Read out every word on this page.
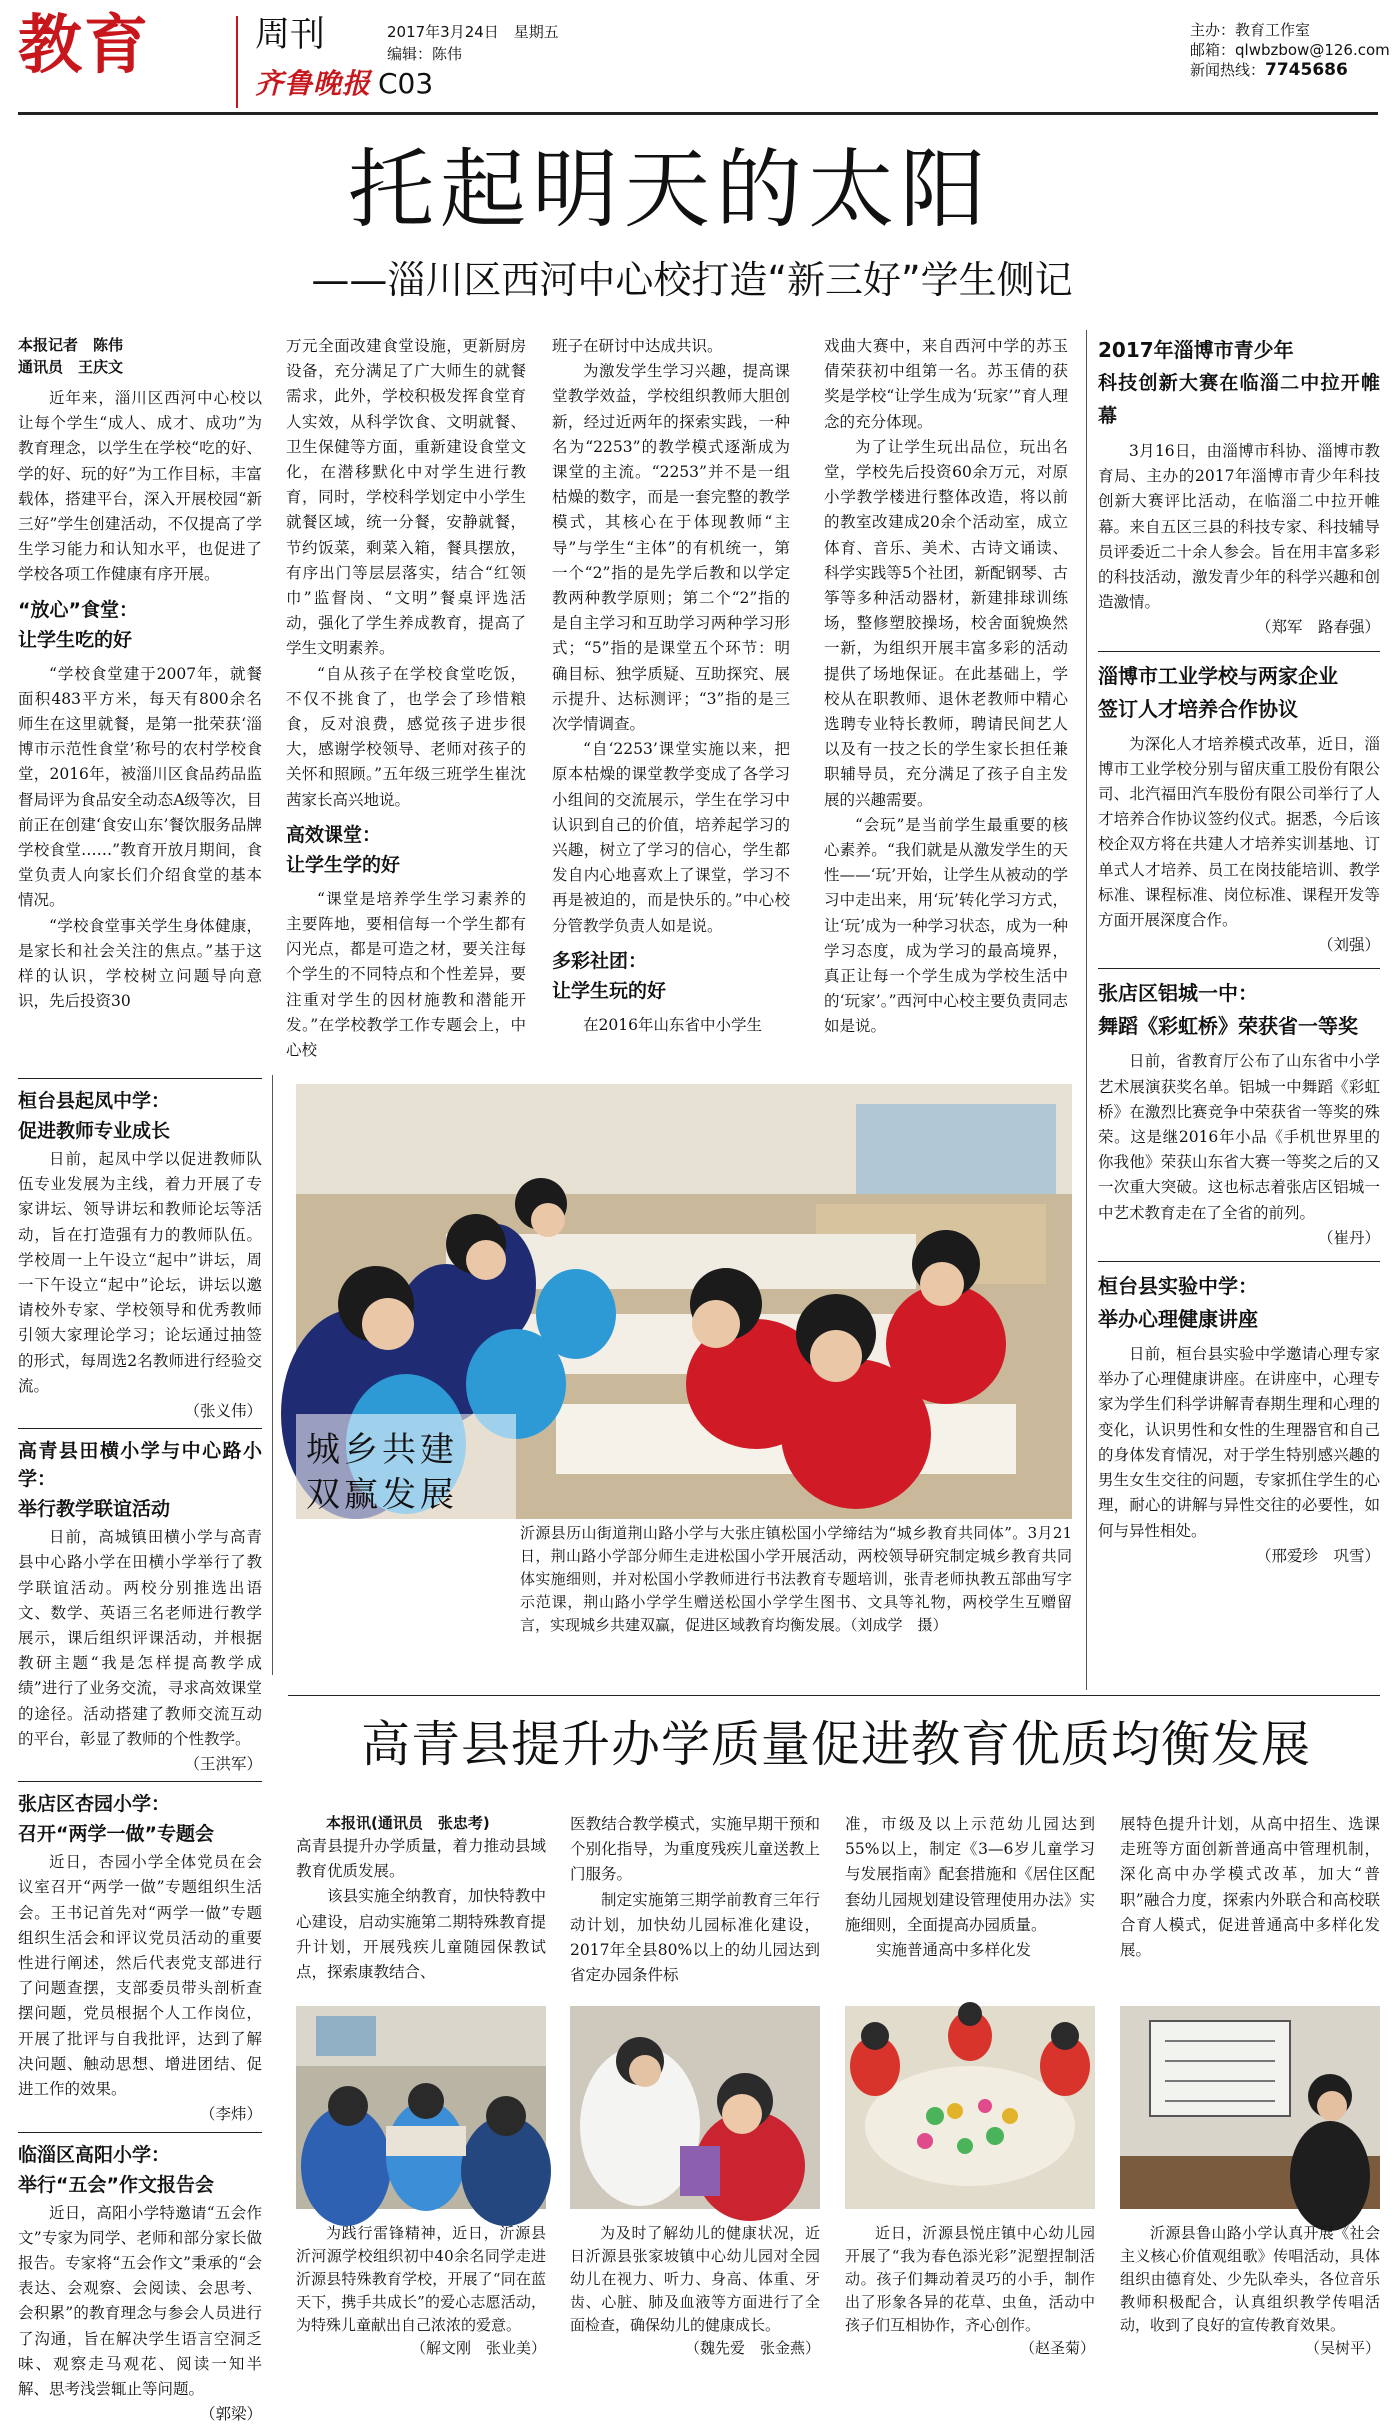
教育	周刊
齐鲁晚报 C03
2017年3月24日　星期五
编辑：陈伟
主办：教育工作室
邮箱：qlwbzbow@126.com
新闻热线：7745686
托起明天的太阳
——淄川区西河中心校打造“新三好”学生侧记
本报记者　陈伟
通讯员　王庆文

近年来，淄川区西河中心校以让每个学生“成人、成才、成功”为教育理念，以学生在学校“吃的好、学的好、玩的好”为工作目标，丰富载体，搭建平台，深入开展校园“新三好”学生创建活动，不仅提高了学生学习能力和认知水平，也促进了学校各项工作健康有序开展。

“放心”食堂：
让学生吃的好

“学校食堂建于2007年，就餐面积483平方米，每天有800余名师生在这里就餐，是第一批荣获‘淄博市示范性食堂’称号的农村学校食堂，2016年，被淄川区食品药品监督局评为食品安全动态A级等次，目前正在创建‘食安山东’餐饮服务品牌学校食堂……”教育开放月期间，食堂负责人向家长们介绍食堂的基本情况。

“学校食堂事关学生身体健康，是家长和社会关注的焦点。”基于这样的认识，学校树立问题导向意识，先后投资30

万元全面改建食堂设施，更新厨房设备，充分满足了广大师生的就餐需求，此外，学校积极发挥食堂育人实效，从科学饮食、文明就餐、卫生保健等方面，重新建设食堂文化，在潜移默化中对学生进行教育，同时，学校科学划定中小学生就餐区域，统一分餐，安静就餐，节约饭菜，剩菜入箱，餐具摆放，有序出门等层层落实，结合“红领巾”监督岗、“文明”餐桌评选活动，强化了学生养成教育，提高了学生文明素养。

“自从孩子在学校食堂吃饭，不仅不挑食了，也学会了珍惜粮食，反对浪费，感觉孩子进步很大，感谢学校领导、老师对孩子的关怀和照顾。”五年级三班学生崔沈茜家长高兴地说。

高效课堂：
让学生学的好

“课堂是培养学生学习素养的主要阵地，要相信每一个学生都有闪光点，都是可造之材，要关注每个学生的不同特点和个性差异，要注重对学生的因材施教和潜能开发。”在学校教学工作专题会上，中心校

班子在研讨中达成共识。

为激发学生学习兴趣，提高课堂教学效益，学校组织教师大胆创新，经过近两年的探索实践，一种名为“2253”的教学模式逐渐成为课堂的主流。“2253”并不是一组枯燥的数字，而是一套完整的教学模式，其核心在于体现教师“主导”与学生“主体”的有机统一，第一个“2”指的是先学后教和以学定教两种教学原则；第二个“2”指的是自主学习和互助学习两种学习形式；“5”指的是课堂五个环节：明确目标、独学质疑、互助探究、展示提升、达标测评；“3”指的是三次学情调查。

“自‘2253’课堂实施以来，把原本枯燥的课堂教学变成了各学习小组间的交流展示，学生在学习中认识到自己的价值，培养起学习的兴趣，树立了学习的信心，学生都发自内心地喜欢上了课堂，学习不再是被迫的，而是快乐的。”中心校分管教学负责人如是说。

多彩社团：
让学生玩的好

在2016年山东省中小学生

戏曲大赛中，来自西河中学的苏玉倩荣获初中组第一名。苏玉倩的获奖是学校“让学生成为‘玩家’”育人理念的充分体现。

为了让学生玩出品位，玩出名堂，学校先后投资60余万元，对原小学教学楼进行整体改造，将以前的教室改建成20余个活动室，成立体育、音乐、美术、古诗文诵读、科学实践等5个社团，新配钢琴、古筝等多种活动器材，新建排球训练场，整修塑胶操场，校舍面貌焕然一新，为组织开展丰富多彩的活动提供了场地保证。在此基础上，学校从在职教师、退休老教师中精心选聘专业特长教师，聘请民间艺人以及有一技之长的学生家长担任兼职辅导员，充分满足了孩子自主发展的兴趣需要。

“会玩”是当前学生最重要的核心素养。“我们就是从激发学生的天性——‘玩’开始，让学生从被动的学习中走出来，用‘玩’转化学习方式，让‘玩’成为一种学习状态，成为一种学习态度，成为学习的最高境界，真正让每一个学生成为学校生活中的‘玩家’。”西河中心校主要负责同志如是说。

桓台县起凤中学：
促进教师专业成长

日前，起凤中学以促进教师队伍专业发展为主线，着力开展了专家讲坛、领导讲坛和教师论坛等活动，旨在打造强有力的教师队伍。学校周一上午设立“起中”讲坛，周一下午设立“起中”论坛，讲坛以邀请校外专家、学校领导和优秀教师引领大家理论学习；论坛通过抽签的形式，每周选2名教师进行经验交流。

（张义伟）
高青县田横小学与中心路小学：
举行教学联谊活动

日前，高城镇田横小学与高青县中心路小学在田横小学举行了教学联谊活动。两校分别推选出语文、数学、英语三名老师进行教学展示，课后组织评课活动，并根据教研主题“我是怎样提高教学成绩”进行了业务交流，寻求高效课堂的途径。活动搭建了教师交流互动的平台，彰显了教师的个性教学。

（王洪军）
张店区杏园小学：
召开“两学一做”专题会

近日，杏园小学全体党员在会议室召开“两学一做”专题组织生活会。王书记首先对“两学一做”专题组织生活会和评议党员活动的重要性进行阐述，然后代表党支部进行了问题查摆，支部委员带头剖析查摆问题，党员根据个人工作岗位，开展了批评与自我批评，达到了解决问题、触动思想、增进团结、促进工作的效果。

（李炜）
临淄区高阳小学：
举行“五会”作文报告会

近日，高阳小学特邀请“五会作文”专家为同学、老师和部分家长做报告。专家将“五会作文”秉承的“会表达、会观察、会阅读、会思考、会积累”的教育理念与参会人员进行了沟通，旨在解决学生语言空洞乏味、观察走马观花、阅读一知半解、思考浅尝辄止等问题。

（郭梁）
2017年淄博市青少年
科技创新大赛在临淄二中拉开帷幕

3月16日，由淄博市科协、淄博市教育局、主办的2017年淄博市青少年科技创新大赛评比活动，在临淄二中拉开帷幕。来自五区三县的科技专家、科技辅导员评委近二十余人参会。旨在用丰富多彩的科技活动，激发青少年的科学兴趣和创造激情。

（郑军　路春强）
淄博市工业学校与两家企业
签订人才培养合作协议

为深化人才培养模式改革，近日，淄博市工业学校分别与留庆重工股份有限公司、北汽福田汽车股份有限公司举行了人才培养合作协议签约仪式。据悉，今后该校企双方将在共建人才培养实训基地、订单式人才培养、员工在岗技能培训、教学标准、课程标准、岗位标准、课程开发等方面开展深度合作。

（刘强）
张店区铝城一中：
舞蹈《彩虹桥》荣获省一等奖

日前，省教育厅公布了山东省中小学艺术展演获奖名单。铝城一中舞蹈《彩虹桥》在激烈比赛竞争中荣获省一等奖的殊荣。这是继2016年小品《手机世界里的你我他》荣获山东省大赛一等奖之后的又一次重大突破。这也标志着张店区铝城一中艺术教育走在了全省的前列。

（崔丹）
桓台县实验中学：
举办心理健康讲座

日前，桓台县实验中学邀请心理专家举办了心理健康讲座。在讲座中，心理专家为学生们科学讲解青春期生理和心理的变化，认识男性和女性的生理器官和自己的身体发育情况，对于学生特别感兴趣的男生女生交往的问题，专家抓住学生的心理，耐心的讲解与异性交往的必要性，如何与异性相处。

（邢爱珍　巩雪）
城乡共建
双赢发展
沂源县历山街道荆山路小学与大张庄镇松国小学缔结为“城乡教育共同体”。3月21日，荆山路小学部分师生走进松国小学开展活动，两校领导研究制定城乡教育共同体实施细则，并对松国小学教师进行书法教育专题培训，张青老师执教五部曲写字示范课，荆山路小学学生赠送松国小学学生图书、文具等礼物，两校学生互赠留言，实现城乡共建双赢，促进区域教育均衡发展。（刘成学　摄）
高青县提升办学质量促进教育优质均衡发展
本报讯(通讯员　张忠考)

高青县提升办学质量，着力推动县域教育优质发展。

该县实施全纳教育，加快特教中心建设，启动实施第二期特殊教育提升计划，开展残疾儿童随园保教试点，探索康教结合、

医教结合教学模式，实施早期干预和个别化指导，为重度残疾儿童送教上门服务。

制定实施第三期学前教育三年行动计划，加快幼儿园标准化建设，2017年全县80%以上的幼儿园达到省定办园条件标

准，市级及以上示范幼儿园达到55%以上，制定《3—6岁儿童学习与发展指南》配套措施和《居住区配套幼儿园规划建设管理使用办法》实施细则，全面提高办园质量。

实施普通高中多样化发

展特色提升计划，从高中招生、选课走班等方面创新普通高中管理机制，深化高中办学模式改革，加大“普职”融合力度，探索内外联合和高校联合育人模式，促进普通高中多样化发展。

为践行雷锋精神，近日，沂源县沂河源学校组织初中40余名同学走进沂源县特殊教育学校，开展了“同在蓝天下，携手共成长”的爱心志愿活动，为特殊儿童献出自己浓浓的爱意。
（解文刚　张业美）
为及时了解幼儿的健康状况，近日沂源县张家坡镇中心幼儿园对全园幼儿在视力、听力、身高、体重、牙齿、心脏、肺及血液等方面进行了全面检查，确保幼儿的健康成长。
（魏先爱　张金燕）
近日，沂源县悦庄镇中心幼儿园开展了“我为春色添光彩”泥塑捏制活动。孩子们舞动着灵巧的小手，制作出了形象各异的花草、虫鱼，活动中孩子们互相协作，齐心创作。
（赵圣菊）
沂源县鲁山路小学认真开展《社会主义核心价值观组歌》传唱活动，具体组织由德育处、少先队牵头，各位音乐教师积极配合，认真组织教学传唱活动，收到了良好的宣传教育效果。
（吴树平）
